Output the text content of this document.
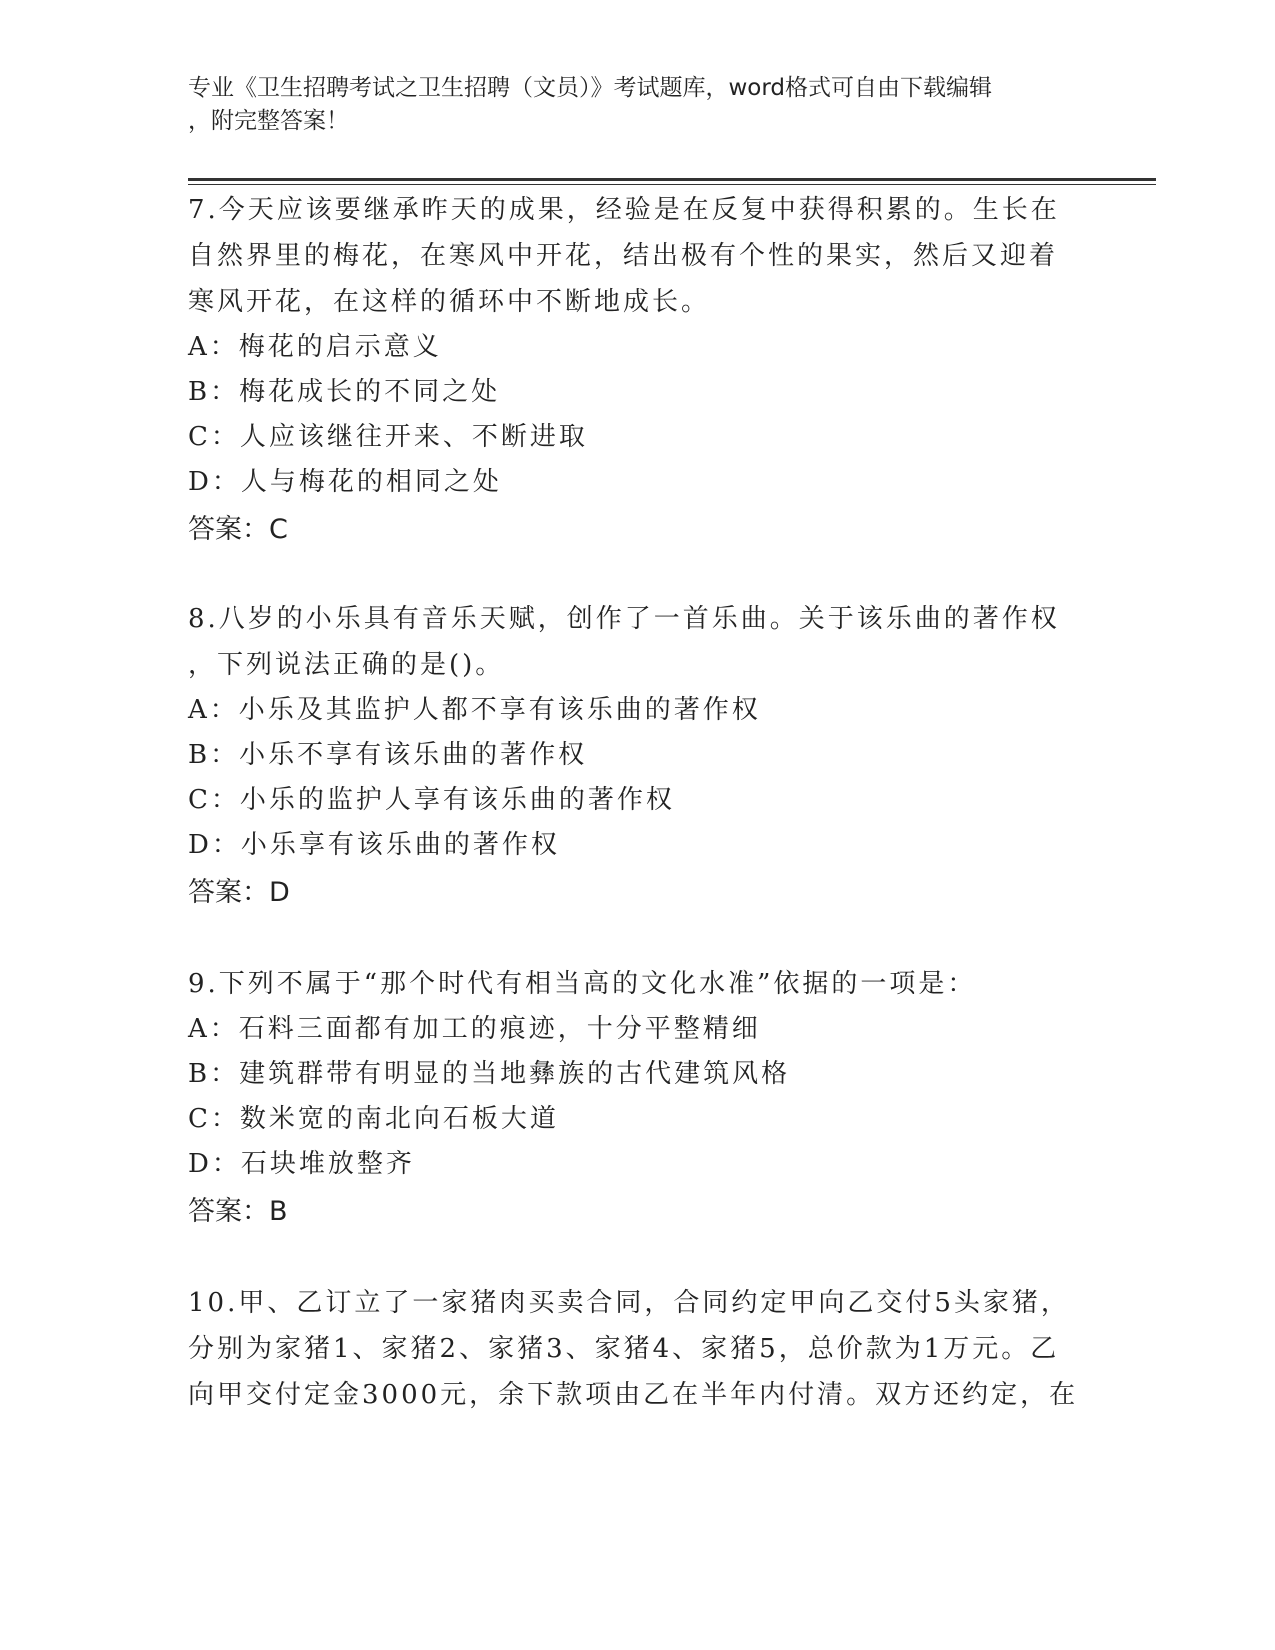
专业《卫生招聘考试之卫生招聘（文员）》考试题库，word格式可自由下载编辑
，附完整答案！
7.今天应该要继承昨天的成果，经验是在反复中获得积累的。生长在
自然界里的梅花，在寒风中开花，结出极有个性的果实，然后又迎着
寒风开花，在这样的循环中不断地成长。
A：梅花的启示意义
B：梅花成长的不同之处
C：人应该继往开来、不断进取
D：人与梅花的相同之处
答案：C
8.八岁的小乐具有音乐天赋，创作了一首乐曲。关于该乐曲的著作权
，下列说法正确的是()。
A：小乐及其监护人都不享有该乐曲的著作权
B：小乐不享有该乐曲的著作权
C：小乐的监护人享有该乐曲的著作权
D：小乐享有该乐曲的著作权
答案：D
9.下列不属于“那个时代有相当高的文化水准”依据的一项是：
A：石料三面都有加工的痕迹，十分平整精细
B：建筑群带有明显的当地彝族的古代建筑风格
C：数米宽的南北向石板大道
D：石块堆放整齐
答案：B
10.甲、乙订立了一家猪肉买卖合同，合同约定甲向乙交付5头家猪，
分别为家猪1、家猪2、家猪3、家猪4、家猪5，总价款为1万元。乙
向甲交付定金3000元，余下款项由乙在半年内付清。双方还约定，在
